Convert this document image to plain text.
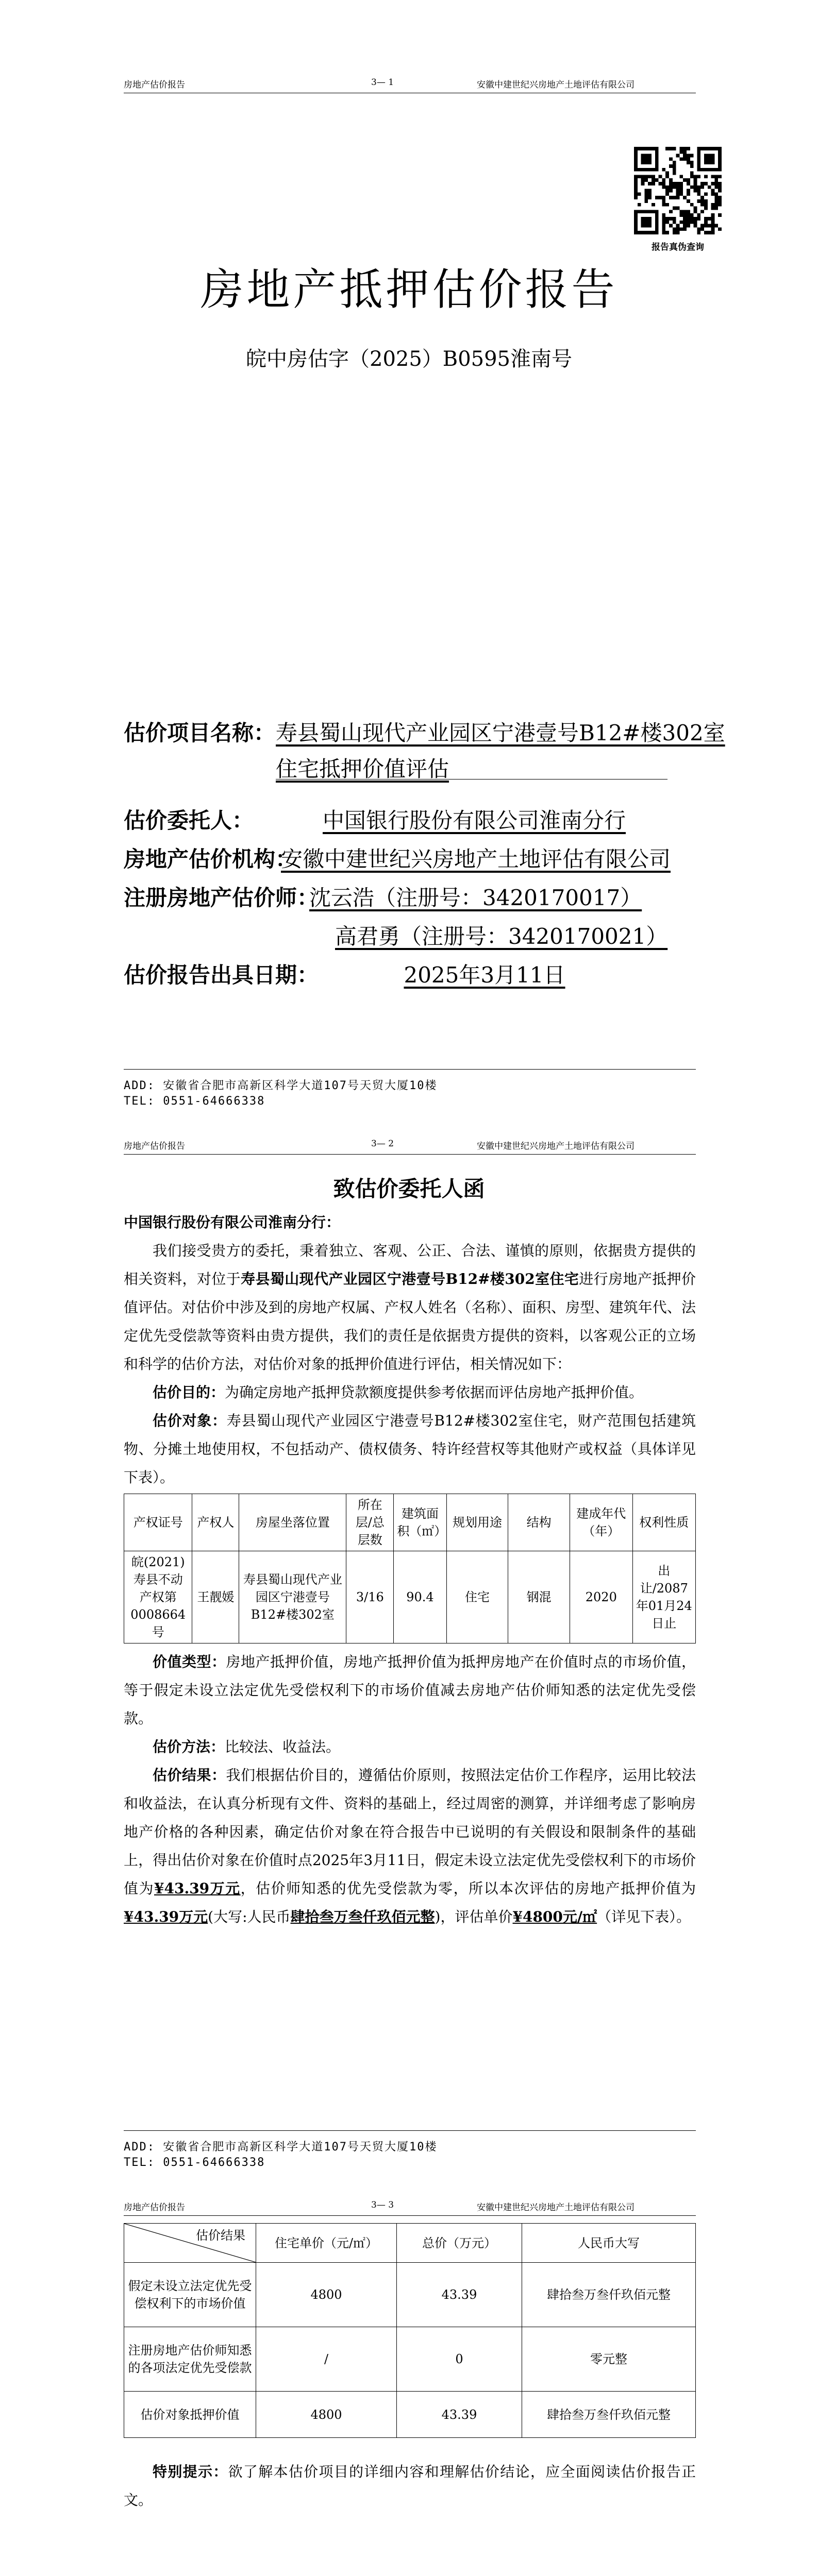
房地产估价报告	3— 1	安徽中建世纪兴房地产土地评估有限公司
报告真伪查询
房地产抵押估价报告
皖中房估字（2025）B0595淮南号
估价项目名称： 寿县蜀山现代产业园区宁港壹号B12#楼302室
住宅抵押价值评估
估价委托人：	中国银行股份有限公司淮南分行
房地产估价机构：
安徽中建世纪兴房地产土地评估有限公司
注册房地产估价师：
沈云浩（注册号：3420170017）
高君勇（注册号：3420170021）
估价报告出具日期：	2025年3月11日
ADD: 安徽省合肥市高新区科学大道107号天贸大厦10楼
TEL: 0551-64666338
房地产估价报告	3— 2	安徽中建世纪兴房地产土地评估有限公司
致估价委托人函
中国银行股份有限公司淮南分行：
我们接受贵方的委托，秉着独立、客观、公正、合法、谨慎的原则，依据贵方提供的相关资料，对位于寿县蜀山现代产业园区宁港壹号B12#楼302室住宅进行房地产抵押价值评估。对估价中涉及到的房地产权属、产权人姓名（名称）、面积、房型、建筑年代、法定优先受偿款等资料由贵方提供，我们的责任是依据贵方提供的资料，以客观公正的立场和科学的估价方法，对估价对象的抵押价值进行评估，相关情况如下：
估价目的：为确定房地产抵押贷款额度提供参考依据而评估房地产抵押价值。
估价对象：寿县蜀山现代产业园区宁港壹号B12#楼302室住宅，财产范围包括建筑物、分摊土地使用权，不包括动产、债权债务、特许经营权等其他财产或权益（具体详见下表）。
产权证号	产权人	房屋坐落位置	所在层/总层数	建筑面积（㎡）	规划用途	结构	建成年代（年）	权利性质
皖(2021)寿县不动产权第0008664号	王靓媛	寿县蜀山现代产业园区宁港壹号B12#楼302室	3/16	90.4	住宅	钢混	2020	出让/2087年01月24日止
价值类型：房地产抵押价值，房地产抵押价值为抵押房地产在价值时点的市场价值，等于假定未设立法定优先受偿权利下的市场价值减去房地产估价师知悉的法定优先受偿款。
估价方法：比较法、收益法。
估价结果：我们根据估价目的，遵循估价原则，按照法定估价工作程序，运用比较法和收益法，在认真分析现有文件、资料的基础上，经过周密的测算，并详细考虑了影响房地产价格的各种因素，确定估价对象在符合报告中已说明的有关假设和限制条件的基础上，得出估价对象在价值时点2025年3月11日，假定未设立法定优先受偿权利下的市场价值为¥43.39万元，估价师知悉的优先受偿款为零，所以本次评估的房地产抵押价值为¥43.39万元(大写:人民币肆拾叁万叁仟玖佰元整)，评估单价¥4800元/㎡（详见下表）。
ADD: 安徽省合肥市高新区科学大道107号天贸大厦10楼
TEL: 0551-64666338
房地产估价报告	3— 3	安徽中建世纪兴房地产土地评估有限公司
估价结果	住宅单价（元/㎡）	总价（万元）	人民币大写
假定未设立法定优先受偿权利下的市场价值	4800	43.39	肆拾叁万叁仟玖佰元整
注册房地产估价师知悉的各项法定优先受偿款	/	0	零元整
估价对象抵押价值	4800	43.39	肆拾叁万叁仟玖佰元整
特别提示：欲了解本估价项目的详细内容和理解估价结论，应全面阅读估价报告正文。
